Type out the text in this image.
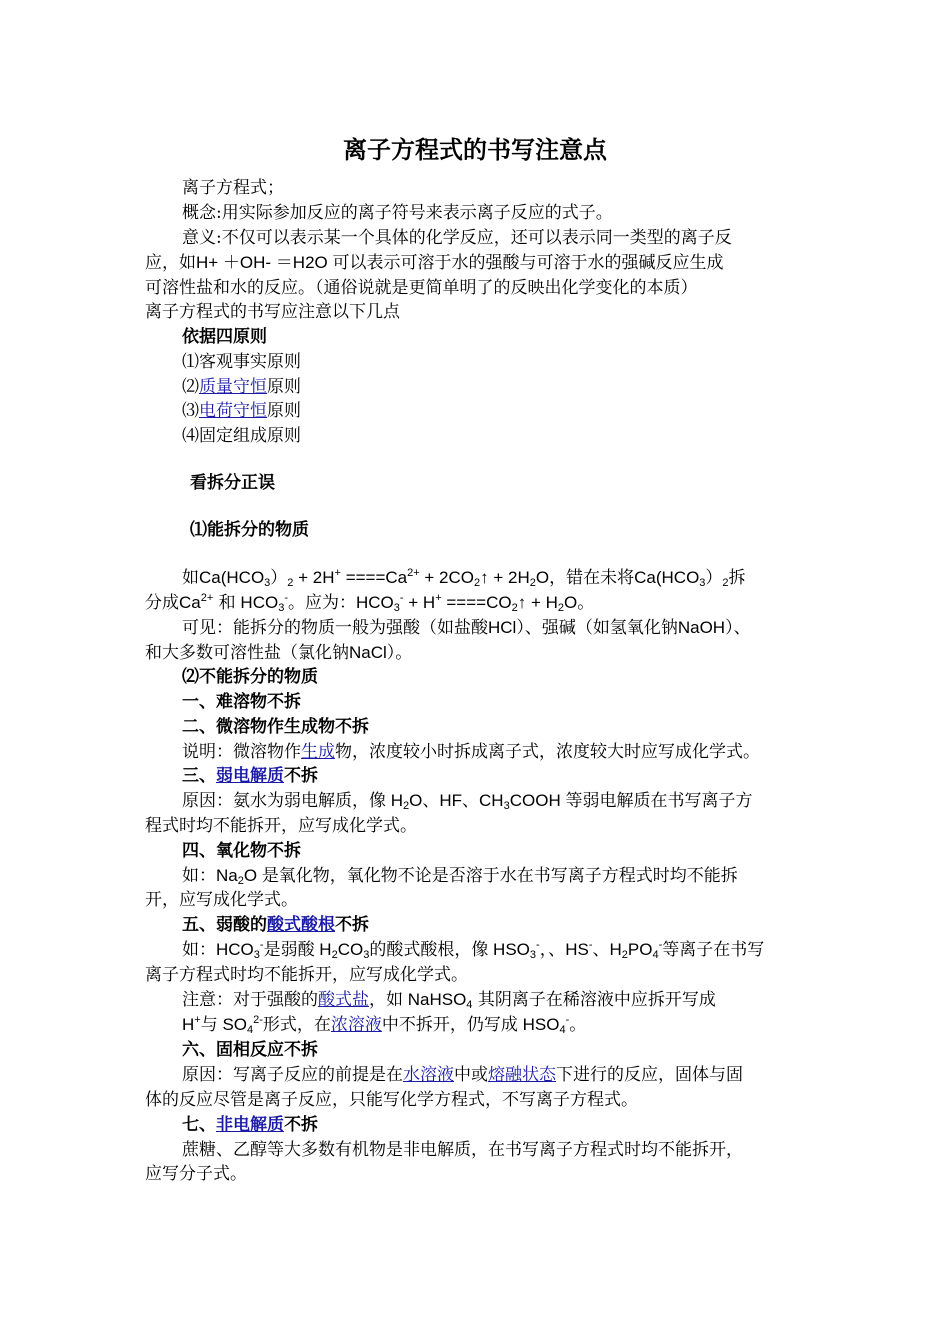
离子方程式的书写注意点
离子方程式；
概念:用实际参加反应的离子符号来表示离子反应的式子。
意义:不仅可以表示某一个具体的化学反应，还可以表示同一类型的离子反
应，如H+ ＋OH- ＝H2O 可以表示可溶于水的强酸与可溶于水的强碱反应生成
可溶性盐和水的反应。（通俗说就是更简单明了的反映出化学变化的本质）
离子方程式的书写应注意以下几点
依据四原则
⑴客观事实原则
⑵质量守恒原则
⑶电荷守恒原则
⑷固定组成原则
看拆分正误
⑴能拆分的物质
如$Ca(HCO_3)_2 + 2H^+ ====Ca^{2+}$ + $2CO_2↑ + 2H_2O$，错在未将$Ca(HCO_3)_2$拆
分成$Ca^{2+}$ 和 $HCO_3^-$。应为：$HCO_3^- + H^+$ $====CO_2↑ + H_2O$。
可见：能拆分的物质一般为强酸（如盐酸HCl）、强碱（如氢氧化钠NaOH）、
和大多数可溶性盐（氯化钠NaCl）。
⑵不能拆分的物质
一、难溶物不拆
二、微溶物作生成物不拆
说明：微溶物作生成物，浓度较小时拆成离子式，浓度较大时应写成化学式。
三、弱电解质不拆
原因：氨水为弱电解质，像 $H_2O$、HF、$CH_3COOH$ 等弱电解质在书写离子方
程式时均不能拆开，应写成化学式。
四、氧化物不拆
如：$Na_2O$ 是氧化物，氧化物不论是否溶于水在书写离子方程式时均不能拆
开，应写成化学式。
五、弱酸的酸式酸根不拆
如：$HCO_3^-$是弱酸 $H_2CO_3$的酸式酸根，像 $HSO_3^-$，、HS-、$H_2PO_4^-$等离子在书写
离子方程式时均不能拆开，应写成化学式。
注意：对于强酸的酸式盐，如 NaHSO$_4$ 其阴离子在稀溶液中应拆开写成
H+与 $SO_4^{2-}$形式，在浓溶液中不拆开，仍写成 $HSO_4^-$。
六、固相反应不拆
原因：写离子反应的前提是在水溶液中或熔融状态下进行的反应，固体与固
体的反应尽管是离子反应，只能写化学方程式，不写离子方程式。
七、非电解质不拆
蔗糖、乙醇等大多数有机物是非电解质，在书写离子方程式时均不能拆开，
应写分子式。
